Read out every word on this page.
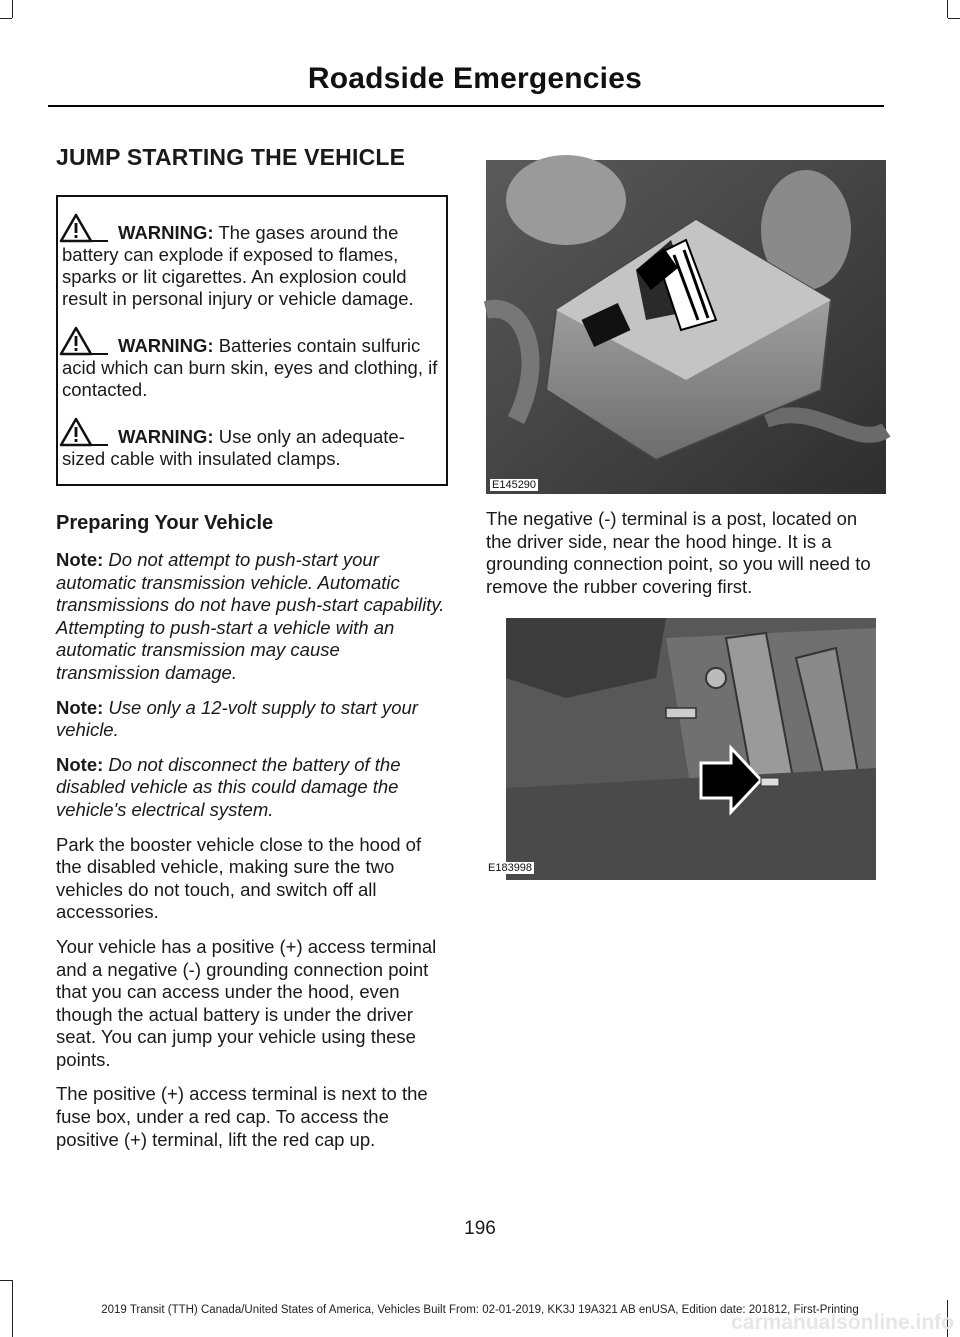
Roadside Emergencies
JUMP STARTING THE VEHICLE
WARNING: The gases around the battery can explode if exposed to flames, sparks or lit cigarettes. An explosion could result in personal injury or vehicle damage.
WARNING: Batteries contain sulfuric acid which can burn skin, eyes and clothing, if contacted.
WARNING: Use only an adequate-sized cable with insulated clamps.
Preparing Your Vehicle

Note: Do not attempt to push-start your automatic transmission vehicle. Automatic transmissions do not have push-start capability. Attempting to push-start a vehicle with an automatic transmission may cause transmission damage.

Note: Use only a 12-volt supply to start your vehicle.

Note: Do not disconnect the battery of the disabled vehicle as this could damage the vehicle's electrical system.

Park the booster vehicle close to the hood of the disabled vehicle, making sure the two vehicles do not touch, and switch off all accessories.

Your vehicle has a positive (+) access terminal and a negative (-) grounding connection point that you can access under the hood, even though the actual battery is under the driver seat. You can jump your vehicle using these points.

The positive (+) access terminal is next to the fuse box, under a red cap. To access the positive (+) terminal, lift the red cap up.

E145290

The negative (-) terminal is a post, located on the driver side, near the hood hinge. It is a grounding connection point, so you will need to remove the rubber covering first.

E183998
196
2019 Transit (TTH) Canada/United States of America, Vehicles Built From: 02-01-2019, KK3J 19A321 AB enUSA, Edition date: 201812, First-Printing
carmanualsonline.info
